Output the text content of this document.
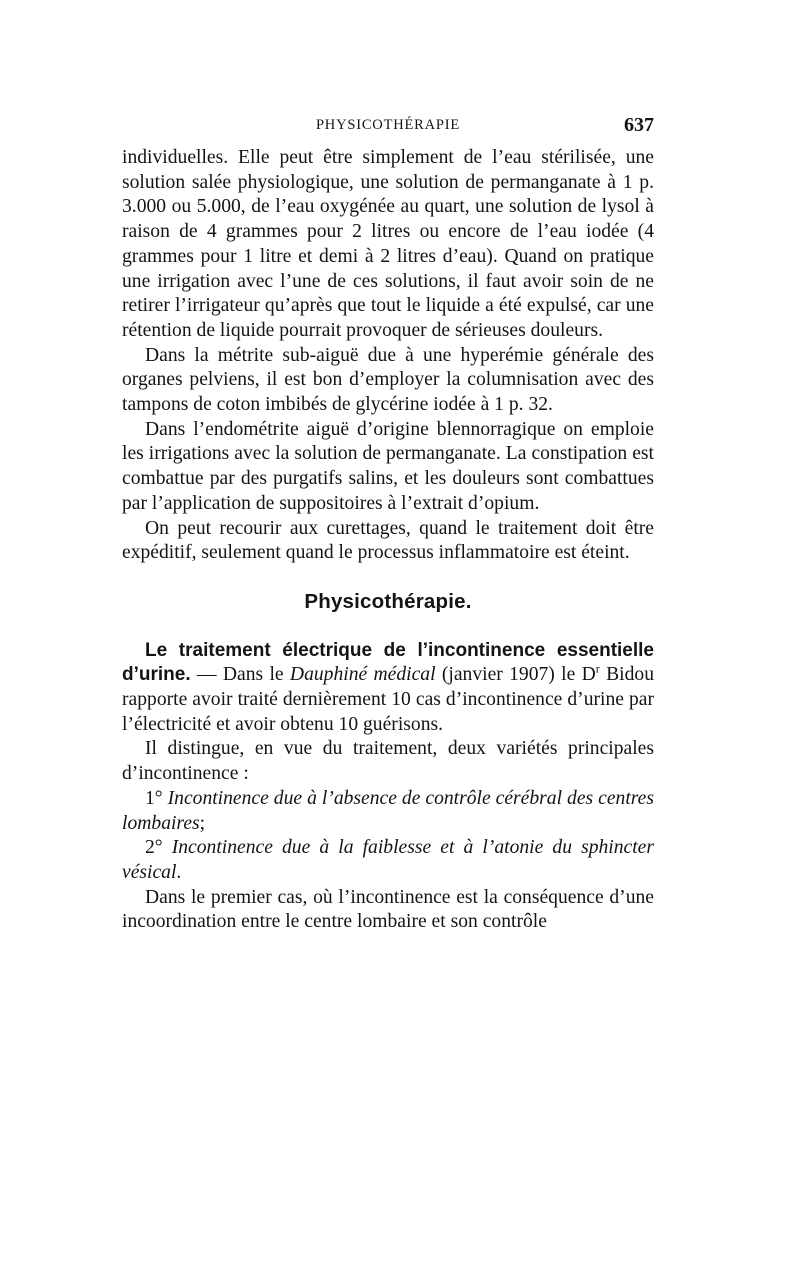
PHYSICOTHÉRAPIE	637

individuelles. Elle peut être simplement de l’eau stérilisée, une solution salée physiologique, une solution de permanganate à 1 p. 3.000 ou 5.000, de l’eau oxygénée au quart, une solution de lysol à raison de 4 grammes pour 2 litres ou encore de l’eau iodée (4 grammes pour 1 litre et demi à 2 litres d’eau). Quand on pratique une irrigation avec l’une de ces solutions, il faut avoir soin de ne retirer l’irrigateur qu’après que tout le liquide a été expulsé, car une rétention de liquide pourrait provoquer de sérieuses douleurs.

Dans la métrite sub-aiguë due à une hyperémie générale des organes pelviens, il est bon d’employer la columnisation avec des tampons de coton imbibés de glycérine iodée à 1 p. 32.

Dans l’endométrite aiguë d’origine blennorragique on emploie les irrigations avec la solution de permanganate. La constipation est combattue par des purgatifs salins, et les douleurs sont combattues par l’application de suppositoires à l’extrait d’opium.

On peut recourir aux curettages, quand le traitement doit être expéditif, seulement quand le processus inflammatoire est éteint.

Physicothérapie.

Le traitement électrique de l’incontinence essentielle d’urine. — Dans le Dauphiné médical (janvier 1907) le $D^r$ Bidou rapporte avoir traité dernièrement 10 cas d’incontinence d’urine par l’électricité et avoir obtenu 10 guérisons.

Il distingue, en vue du traitement, deux variétés principales d’incontinence :

1° Incontinence due à l’absence de contrôle cérébral des centres lombaires;

2° Incontinence due à la faiblesse et à l’atonie du sphincter vésical.

Dans le premier cas, où l’incontinence est la conséquence d’une incoordination entre le centre lombaire et son contrôle
